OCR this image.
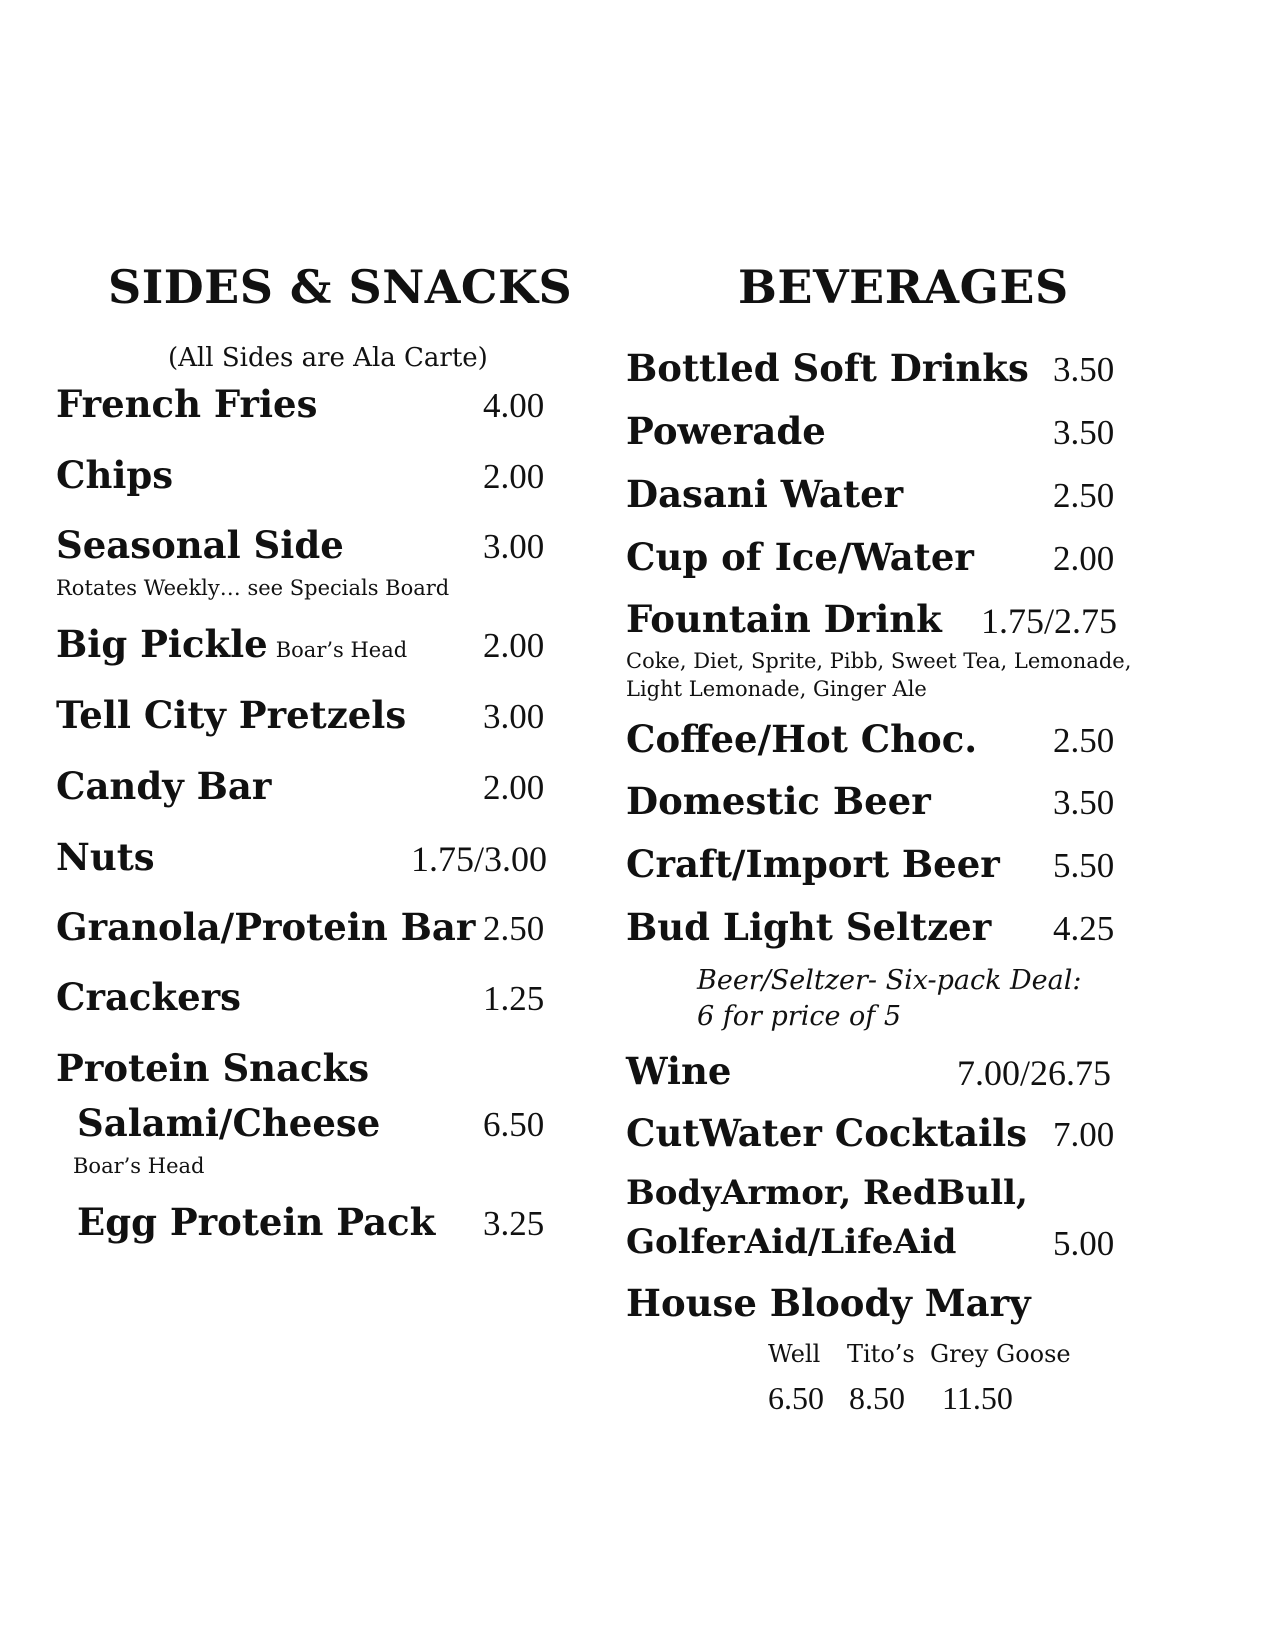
SIDES & SNACKS
(All Sides are Ala Carte)
French Fries	4.00
Chips	2.00
Seasonal Side	3.00
Rotates Weekly… see Specials Board
Big Pickle Boar’s Head 2.00
Tell City Pretzels 3.00
Candy Bar	2.00
Nuts	1.75/3.00
Granola/Protein Bar 2.50
Crackers	1.25
Protein Snacks
Salami/Cheese	6.50
Boar’s Head
Egg Protein Pack 3.25
BEVERAGES
Bottled Soft Drinks 3.50
Powerade	3.50
Dasani Water	2.50
Cup of Ice/Water 2.00
Fountain Drink 1.75/2.75
Coke, Diet, Sprite, Pibb, Sweet Tea, Lemonade,
Light Lemonade, Ginger Ale
Coffee/Hot Choc. 2.50
Domestic Beer	3.50
Craft/Import Beer 5.50
Bud Light Seltzer 4.25
Beer/Seltzer- Six-pack Deal:
6 for price of 5
Wine	7.00/26.75
CutWater Cocktails 7.00
BodyArmor, RedBull,
GolferAid/LifeAid	5.00
House Bloody Mary
Well Tito’s Grey Goose
6.50 8.50 11.50
